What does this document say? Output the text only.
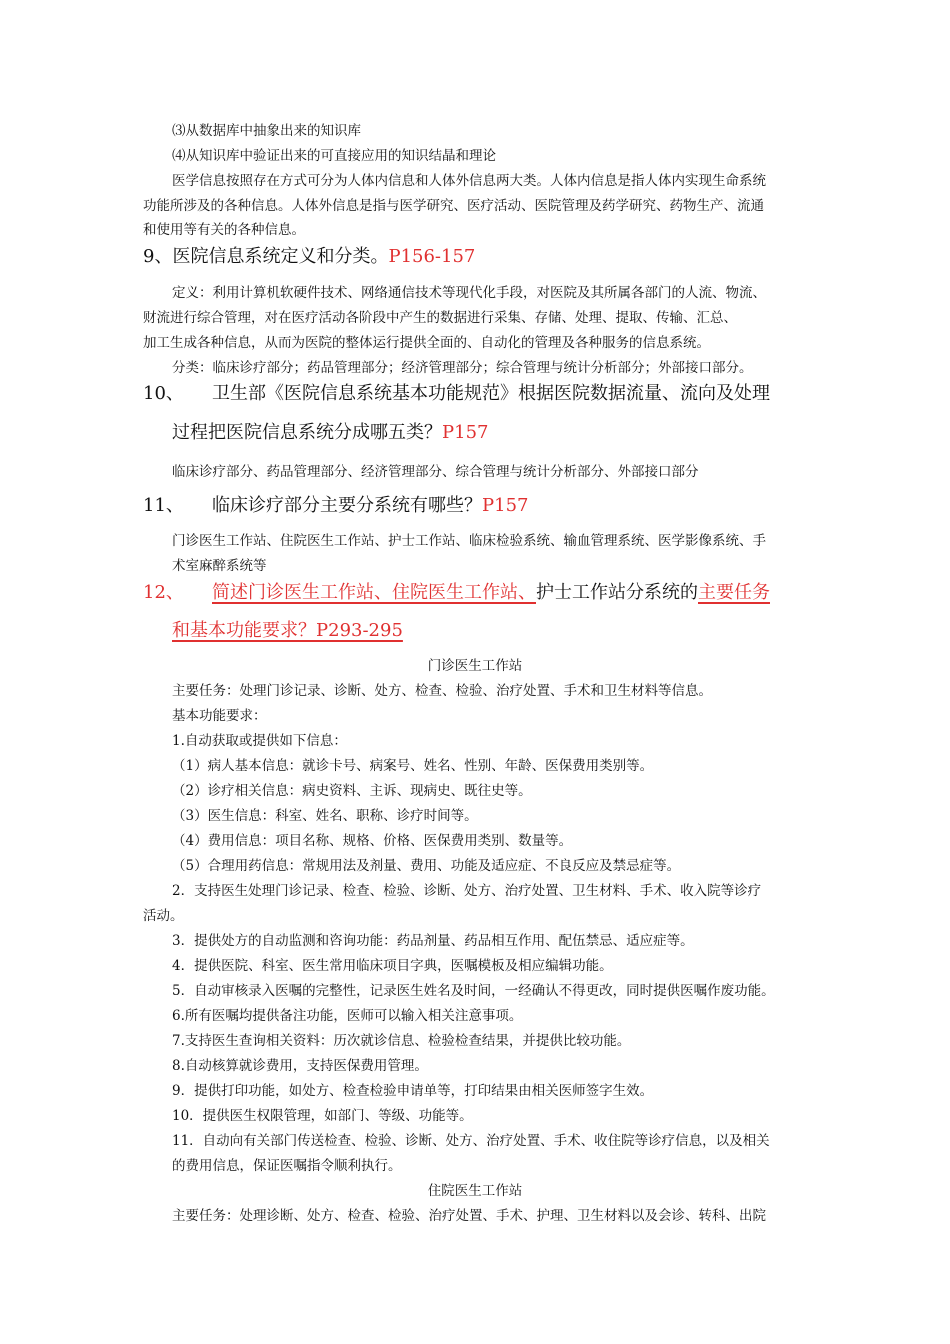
⑶从数据库中抽象出来的知识库
⑷从知识库中验证出来的可直接应用的知识结晶和理论
医学信息按照存在方式可分为人体内信息和人体外信息两大类。人体内信息是指人体内实现生命系统
功能所涉及的各种信息。人体外信息是指与医学研究、医疗活动、医院管理及药学研究、药物生产、流通
和使用等有关的各种信息。
9、医院信息系统定义和分类。P156-157
定义：利用计算机软硬件技术、网络通信技术等现代化手段，对医院及其所属各部门的人流、物流、
财流进行综合管理，对在医疗活动各阶段中产生的数据进行采集、存储、处理、提取、传输、汇总、
加工生成各种信息，从而为医院的整体运行提供全面的、自动化的管理及各种服务的信息系统。
分类：临床诊疗部分；药品管理部分；经济管理部分；综合管理与统计分析部分；外部接口部分。
10、 卫生部《医院信息系统基本功能规范》根据医院数据流量、流向及处理
过程把医院信息系统分成哪五类？P157
临床诊疗部分、药品管理部分、经济管理部分、综合管理与统计分析部分、外部接口部分
11、 临床诊疗部分主要分系统有哪些？P157
门诊医生工作站、住院医生工作站、护士工作站、临床检验系统、输血管理系统、医学影像系统、手
术室麻醉系统等
12、 简述门诊医生工作站、住院医生工作站、护士工作站分系统的主要任务
和基本功能要求？P293-295
门诊医生工作站
主要任务：处理门诊记录、诊断、处方、检查、检验、治疗处置、手术和卫生材料等信息。
基本功能要求：
1.自动获取或提供如下信息：
（1）病人基本信息：就诊卡号、病案号、姓名、性别、年龄、医保费用类别等。
（2）诊疗相关信息：病史资料、主诉、现病史、既往史等。
（3）医生信息：科室、姓名、职称、诊疗时间等。
（4）费用信息：项目名称、规格、价格、医保费用类别、数量等。
（5）合理用药信息：常规用法及剂量、费用、功能及适应症、不良反应及禁忌症等。
2．支持医生处理门诊记录、检查、检验、诊断、处方、治疗处置、卫生材料、手术、收入院等诊疗
活动。
3．提供处方的自动监测和咨询功能：药品剂量、药品相互作用、配伍禁忌、适应症等。
4．提供医院、科室、医生常用临床项目字典，医嘱模板及相应编辑功能。
5．自动审核录入医嘱的完整性，记录医生姓名及时间，一经确认不得更改，同时提供医嘱作废功能。
6.所有医嘱均提供备注功能，医师可以输入相关注意事项。
7.支持医生查询相关资料：历次就诊信息、检验检查结果，并提供比较功能。
8.自动核算就诊费用，支持医保费用管理。
9．提供打印功能，如处方、检查检验申请单等，打印结果由相关医师签字生效。
10．提供医生权限管理，如部门、等级、功能等。
11．自动向有关部门传送检查、检验、诊断、处方、治疗处置、手术、收住院等诊疗信息，以及相关
的费用信息，保证医嘱指令顺利执行。
住院医生工作站
主要任务：处理诊断、处方、检查、检验、治疗处置、手术、护理、卫生材料以及会诊、转科、出院
